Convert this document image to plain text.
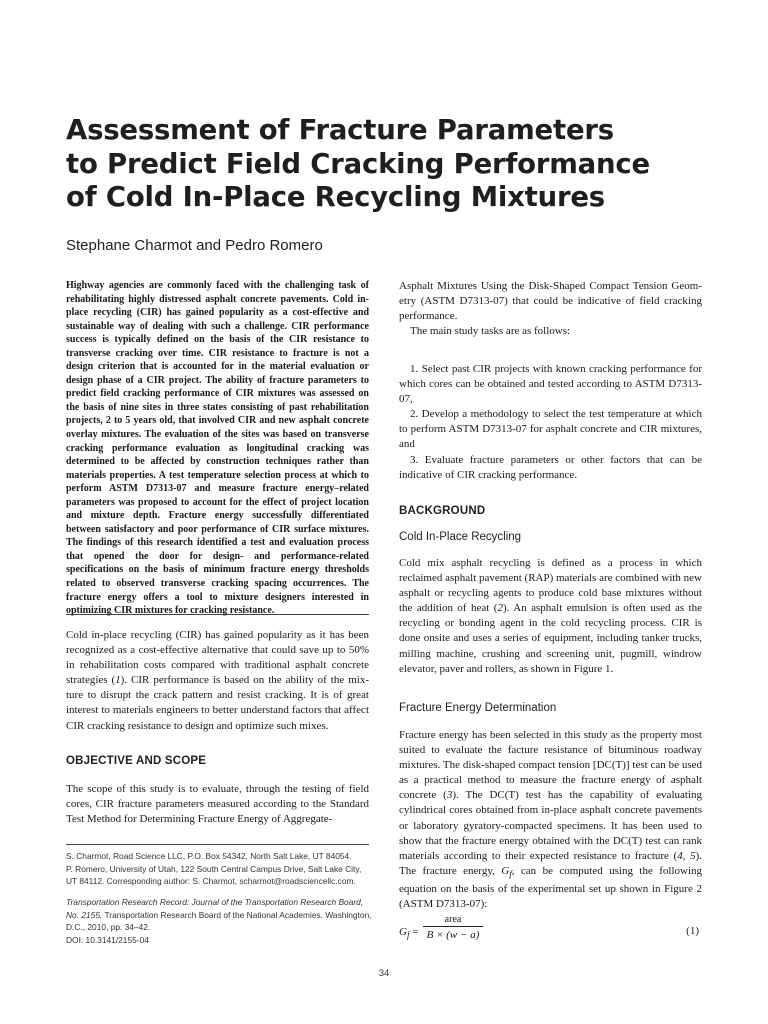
Assessment of Fracture Parameters
to Predict Field Cracking Performance
of Cold In-Place Recycling Mixtures
Stephane Charmot and Pedro Romero
Highway agencies are commonly faced with the challenging task of rehabilitating highly distressed asphalt concrete pavements. Cold in-place recycling (CIR) has gained popularity as a cost-effective and sustainable way of dealing with such a challenge. CIR performance success is typically defined on the basis of the CIR resistance to transverse cracking over time. CIR resistance to fracture is not a design criterion that is accounted for in the material evaluation or design phase of a CIR project. The ability of fracture parameters to predict field cracking performance of CIR mixtures was assessed on the basis of nine sites in three states consisting of past rehabilitation projects, 2 to 5 years old, that involved CIR and new asphalt concrete overlay mixtures. The evaluation of the sites was based on transverse cracking performance evaluation as longitudinal cracking was determined to be affected by construction techniques rather than materials properties. A test temperature selection process at which to perform ASTM D7313-07 and measure fracture energy–related parameters was proposed to account for the effect of project location and mixture depth. Fracture energy successfully differentiated between satisfactory and poor performance of CIR surface mixtures. The findings of this research identified a test and evaluation process that opened the door for design- and performance-related specifications on the basis of minimum fracture energy thresholds related to observed transverse cracking spacing occurrences. The fracture energy offers a tool to mixture designers interested in optimizing CIR mixtures for cracking resistance.

Cold in-place recycling (CIR) has gained popularity as it has been recognized as a cost-effective alternative that could save up to 50% in rehabilitation costs compared with traditional asphalt concrete strategies (1). CIR performance is based on the ability of the mixture to disrupt the crack pattern and resist cracking. It is of great interest to materials engineers to better understand factors that affect CIR cracking resistance to design and optimize such mixes.

OBJECTIVE AND SCOPE
The scope of this study is to evaluate, through the testing of field cores, CIR fracture parameters measured according to the Standard Test Method for Determining Fracture Energy of Aggregate-
S. Charmot, Road Science LLC, P.O. Box 54342, North Salt Lake, UT 84054.
P. Romero, University of Utah, 122 South Central Campus Drive, Salt Lake City,
UT 84112. Corresponding author: S. Charmot, scharmot@roadsciencellc.com.
Transportation Research Record: Journal of the Transportation Research Board,
No. 2155, Transportation Research Board of the National Academies, Washington,
D.C., 2010, pp. 34–42.
DOI: 10.3141/2155-04

Asphalt Mixtures Using the Disk-Shaped Compact Tension Geometry (ASTM D7313-07) that could be indicative of field cracking performance.

The main study tasks are as follows:

1. Select past CIR projects with known cracking performance for which cores can be obtained and tested according to ASTM D7313-07,

2. Develop a methodology to select the test temperature at which to perform ASTM D7313-07 for asphalt concrete and CIR mixtures, and

3. Evaluate fracture parameters or other factors that can be indicative of CIR cracking performance.

BACKGROUND
Cold In-Place Recycling

Cold mix asphalt recycling is defined as a process in which reclaimed asphalt pavement (RAP) materials are combined with new asphalt or recycling agents to produce cold base mixtures without the addition of heat (2). An asphalt emulsion is often used as the recycling or bonding agent in the cold recycling process. CIR is done onsite and uses a series of equipment, including tanker trucks, milling machine, crushing and screening unit, pugmill, windrow elevator, paver and rollers, as shown in Figure 1.

Fracture Energy Determination

Fracture energy has been selected in this study as the property most suited to evaluate the facture resistance of bituminous roadway mixtures. The disk-shaped compact tension [DC(T)] test can be used as a practical method to measure the fracture energy of asphalt concrete (3). The DC(T) test has the capability of evaluating cylindrical cores obtained from in-place asphalt concrete pavements or laboratory gyratory-compacted specimens. It has been used to show that the fracture energy obtained with the DC(T) test can rank materials according to their expected resistance to fracture (4, 5). The fracture energy, $G_f$, can be computed using the following equation on the basis of the experimental set up shown in Figure 2 (ASTM D7313-07):

$G_f$ =
area
B × (w − a)	(1)
34
